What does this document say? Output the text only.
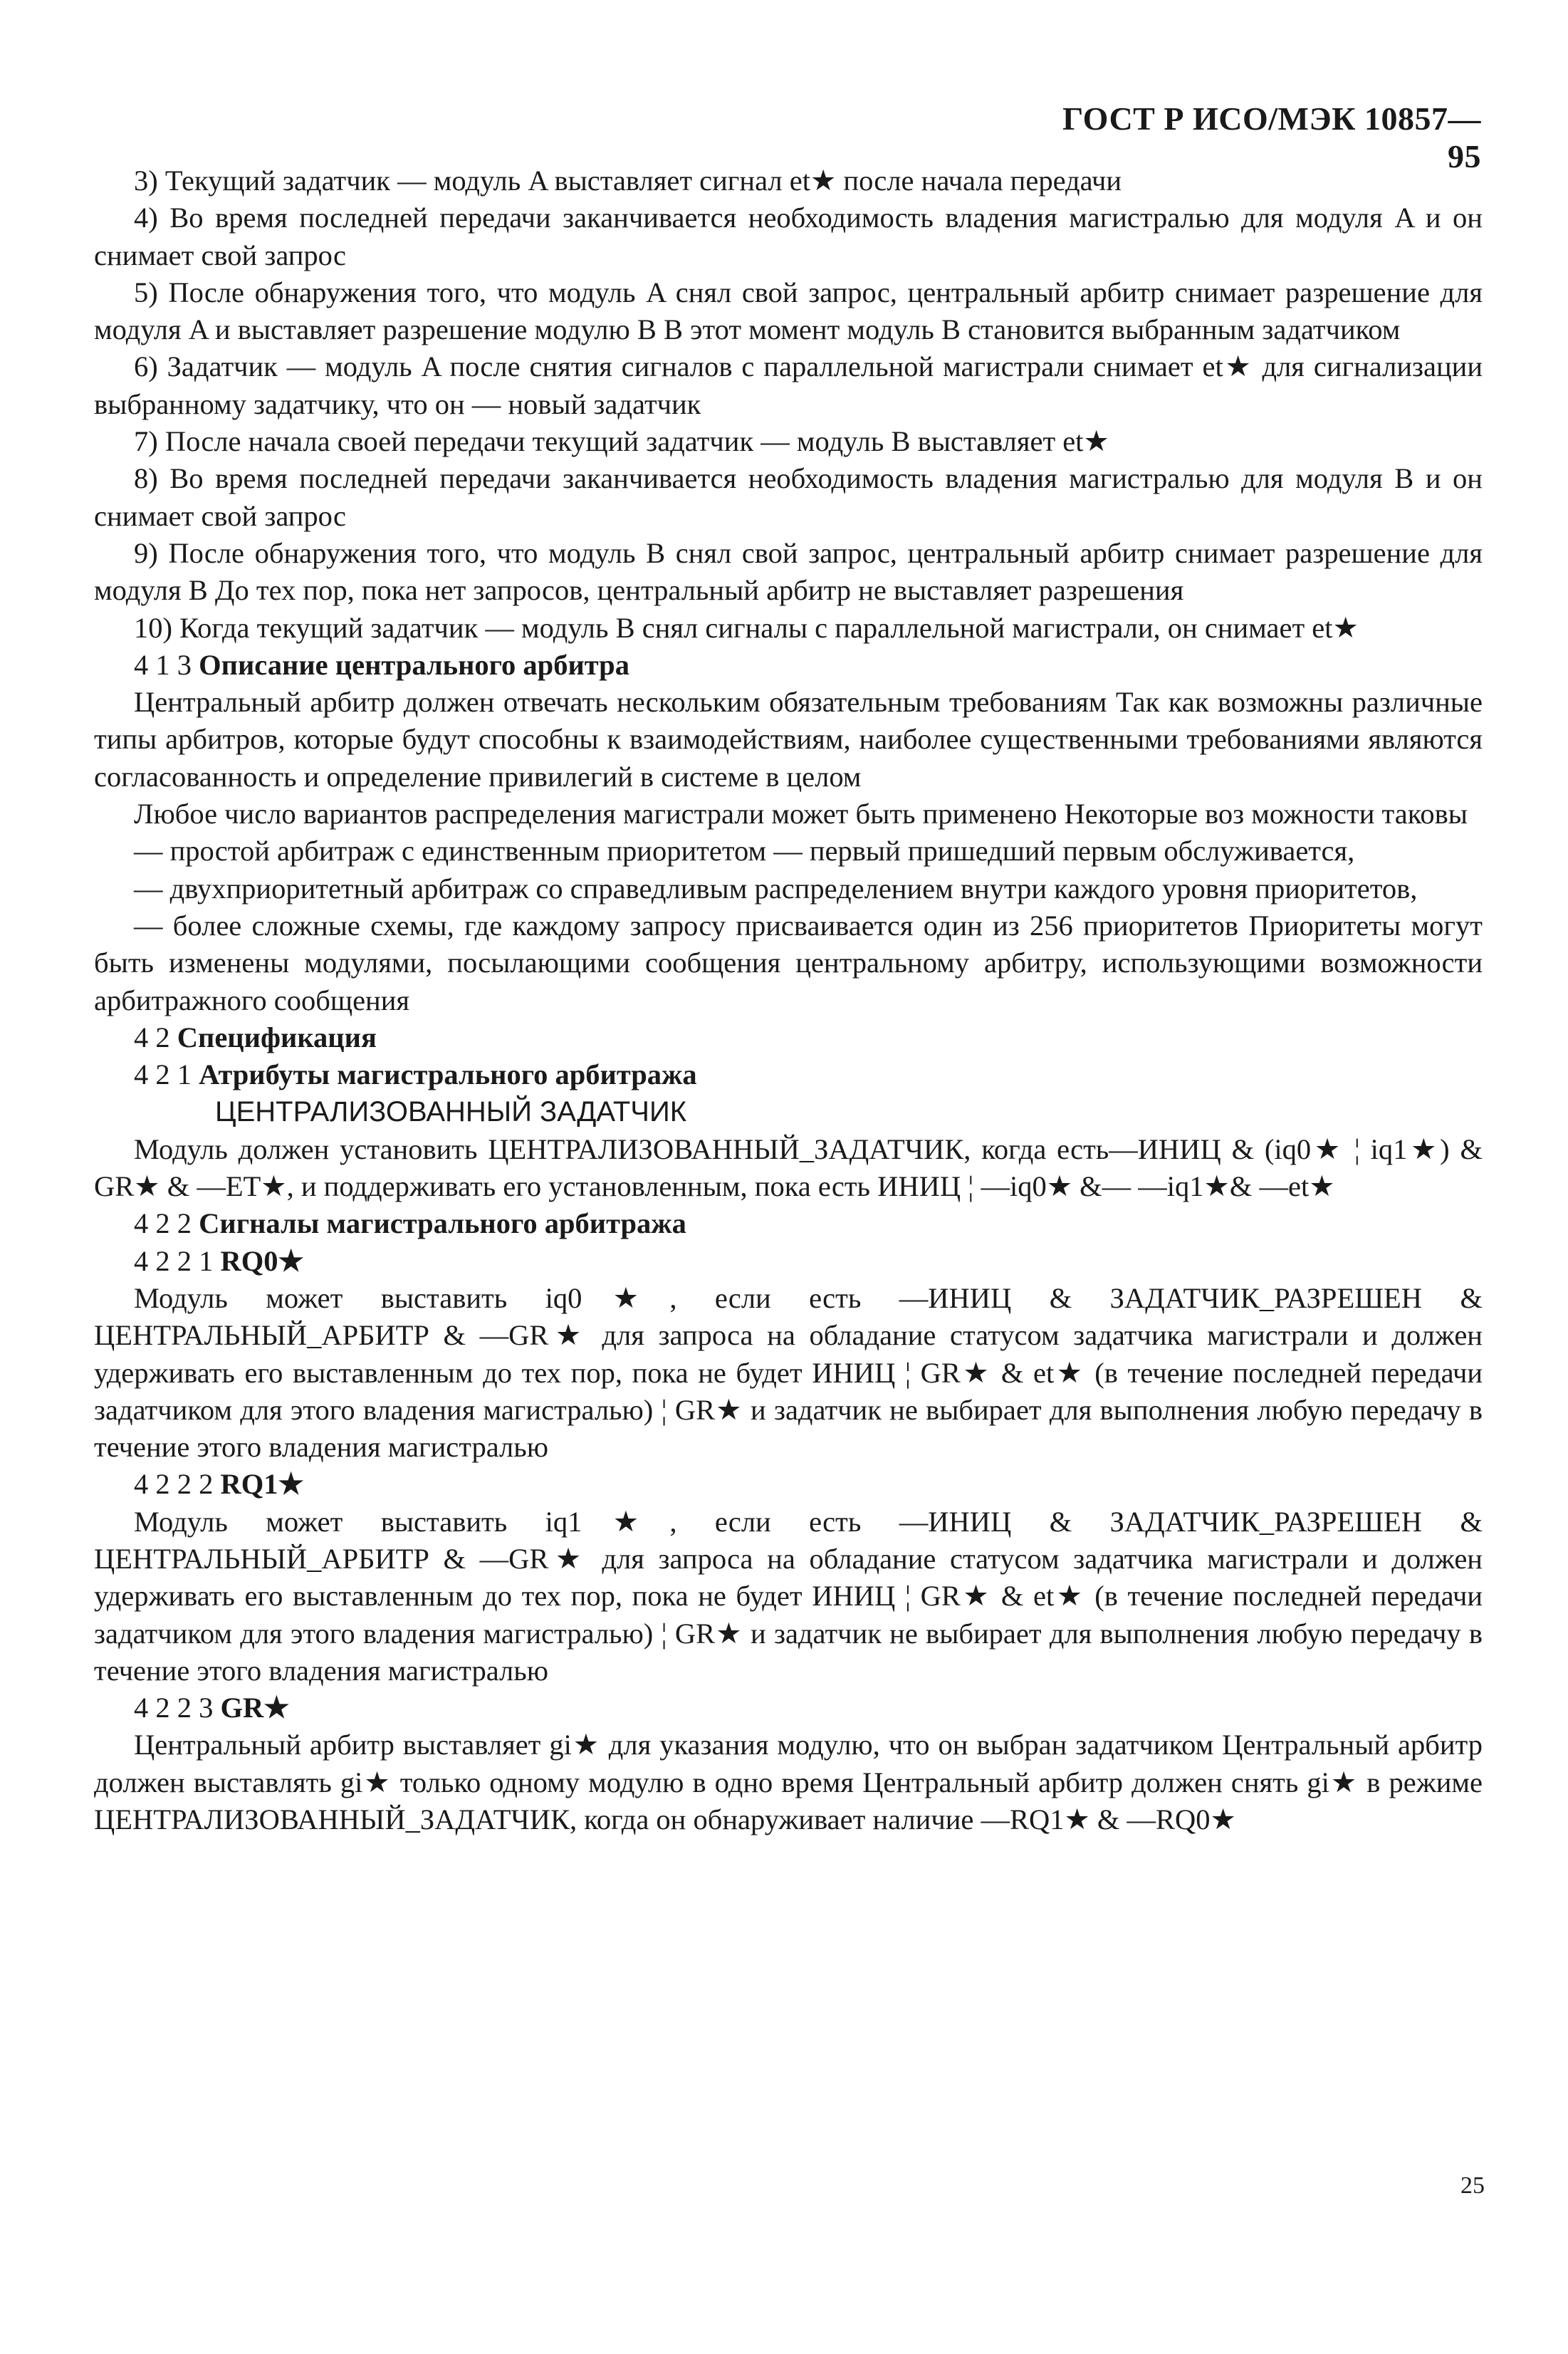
ГОСТ Р ИСО/МЭК 10857—95

3) Текущий задатчик — модуль A выставляет сигнал et★ после начала передачи

4) Во время последней передачи заканчивается необходимость владения магистралью для модуля A и он снимает свой запрос

5) После обнаружения того, что модуль A снял свой запрос, центральный арбитр снимает разрешение для модуля A и выставляет разрешение модулю B В этот момент модуль B становится выбранным задатчиком

6) Задатчик — модуль A после снятия сигналов с параллельной магистрали снимает et★ для сигнализации выбранному задатчику, что он — новый задатчик

7) После начала своей передачи текущий задатчик — модуль B выставляет et★

8) Во время последней передачи заканчивается необходимость владения магистралью для модуля B и он снимает свой запрос

9) После обнаружения того, что модуль B снял свой запрос, центральный арбитр снимает разрешение для модуля B До тех пор, пока нет запросов, центральный арбитр не выставляет разрешения

10) Когда текущий задатчик — модуль B снял сигналы с параллельной магистрали, он снимает et★

4 1 3 Описание центрального арбитра

Центральный арбитр должен отвечать нескольким обязательным требованиям Так как возможны различные типы арбитров, которые будут способны к взаимодействиям, наиболее существенными требованиями являются согласованность и определение привилегий в системе в целом

Любое число вариантов распределения магистрали может быть применено Некоторые воз можности таковы

— простой арбитраж с единственным приоритетом — первый пришедший первым обслуживается,

— двухприоритетный арбитраж со справедливым распределением внутри каждого уровня приоритетов,

— более сложные схемы, где каждому запросу присваивается один из 256 приоритетов Приоритеты могут быть изменены модулями, посылающими сообщения центральному арбитру, использующими возможности арбитражного сообщения

4 2 Спецификация

4 2 1 Атрибуты магистрального арбитража

ЦЕНТРАЛИЗОВАННЫЙ ЗАДАТЧИК

Модуль должен установить ЦЕНТРАЛИЗОВАННЫЙ_ЗАДАТЧИК, когда есть—ИНИЦ & (iq0★ ¦ iq1★) & GR★ & —ET★, и поддерживать его установленным, пока есть ИНИЦ ¦ —iq0★ &— —iq1★& —et★

4 2 2 Сигналы магистрального арбитража

4 2 2 1 RQ0★

Модуль может выставить iq0★, если есть —ИНИЦ & ЗАДАТЧИК_РАЗРЕШЕН & ЦЕНТРАЛЬНЫЙ_АРБИТР & —GR★ для запроса на обладание статусом задатчика магистрали и должен удерживать его выставленным до тех пор, пока не будет ИНИЦ ¦ GR★ & et★ (в течение последней передачи задатчиком для этого владения магистралью) ¦ GR★ и задатчик не выбирает для выполнения любую передачу в течение этого владения магистралью

4 2 2 2 RQ1★

Модуль может выставить iq1★, если есть —ИНИЦ & ЗАДАТЧИК_РАЗРЕШЕН & ЦЕНТРАЛЬНЫЙ_АРБИТР & —GR★ для запроса на обладание статусом задатчика магистрали и должен удерживать его выставленным до тех пор, пока не будет ИНИЦ ¦ GR★ & et★ (в течение последней передачи задатчиком для этого владения магистралью) ¦ GR★ и задатчик не выбирает для выполнения любую передачу в течение этого владения магистралью

4 2 2 3 GR★

Центральный арбитр выставляет gi★ для указания модулю, что он выбран задатчиком Центральный арбитр должен выставлять gi★ только одному модулю в одно время Центральный арбитр должен снять gi★ в режиме ЦЕНТРАЛИЗОВАННЫЙ_ЗАДАТЧИК, когда он обнаруживает наличие —RQ1★ & —RQ0★

25
